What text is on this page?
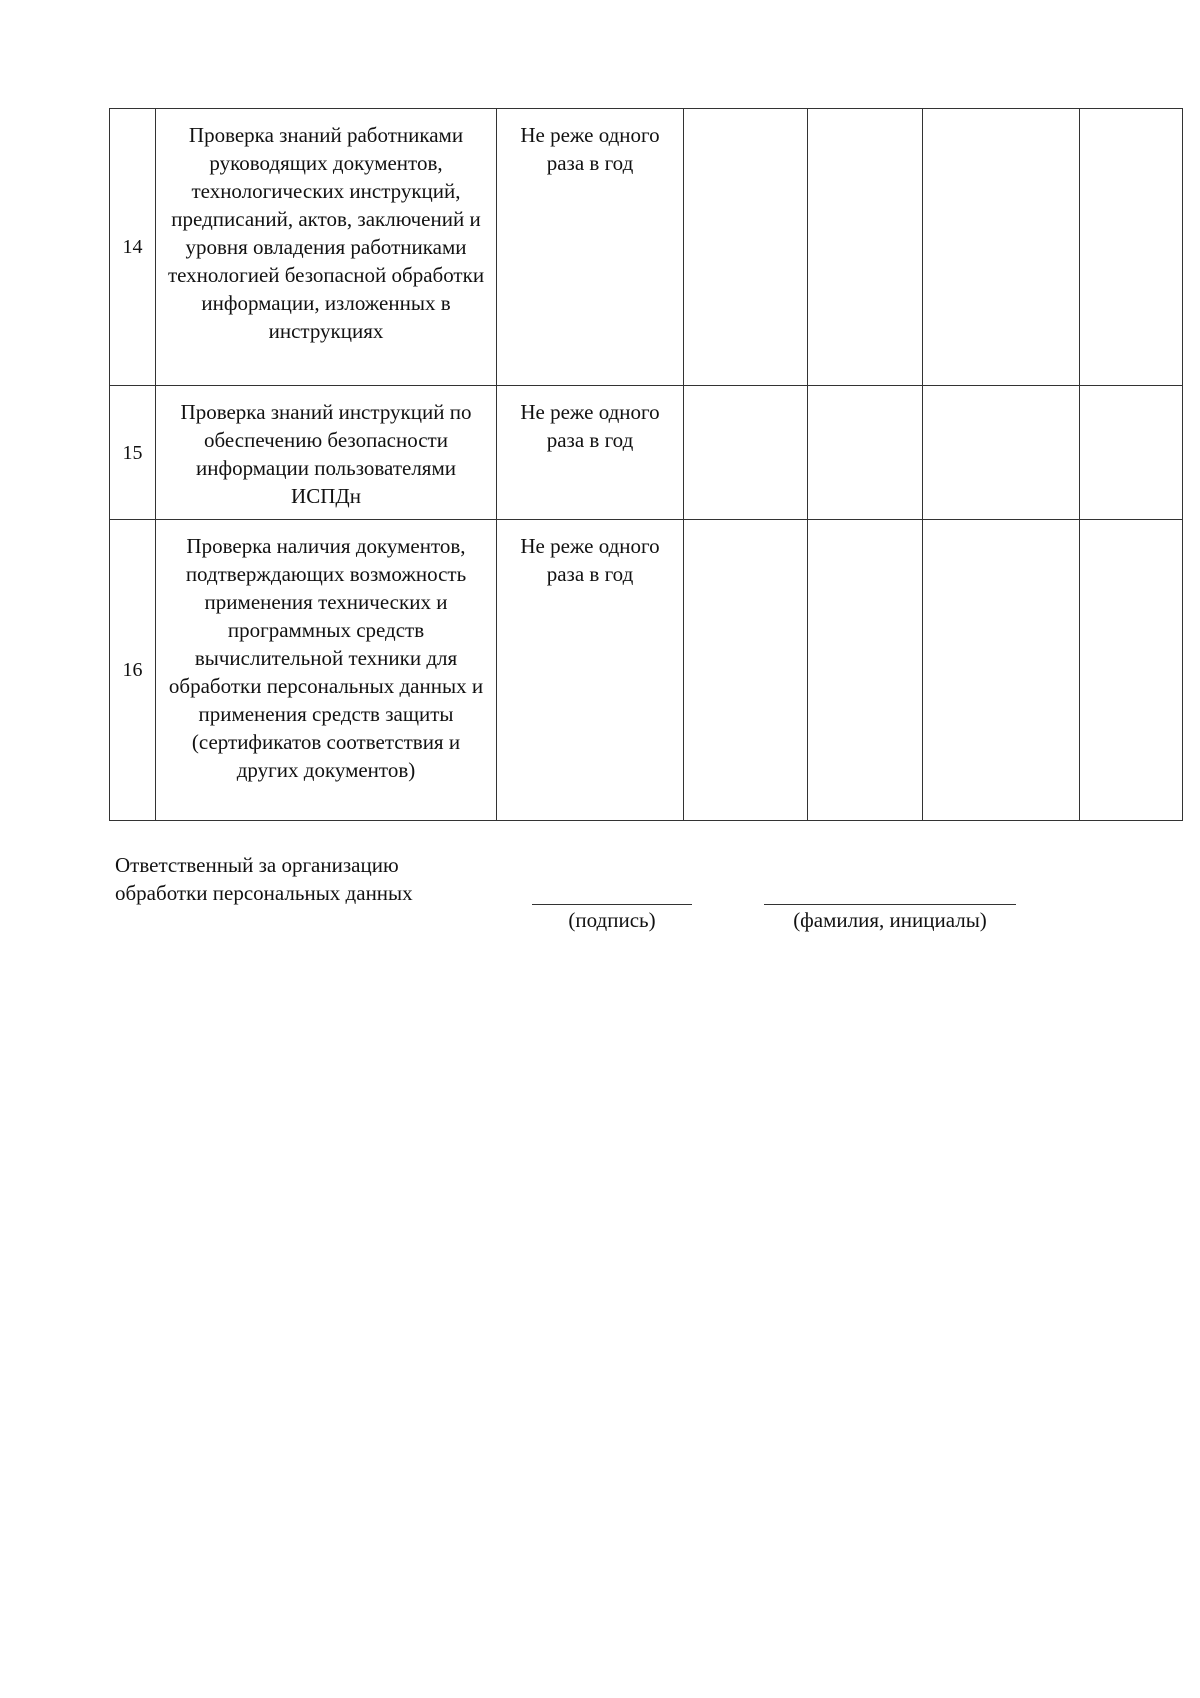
14	Проверка знаний работниками руководящих документов, технологических инструкций, предписаний, актов, заключений и уровня овладения работниками технологией безопасной обработки информации, изложенных в инструкциях	Не реже одного раза в год				
15	Проверка знаний инструкций по обеспечению безопасности информации пользователями ИСПДн	Не реже одного раза в год				
16	Проверка наличия документов, подтверждающих возможность применения технических и программных средств вычислительной техники для обработки персональных данных и применения средств защиты (сертификатов соответствия и других документов)	Не реже одного раза в год				
Ответственный за организацию
обработки персональных данных
(подпись)	(фамилия, инициалы)
